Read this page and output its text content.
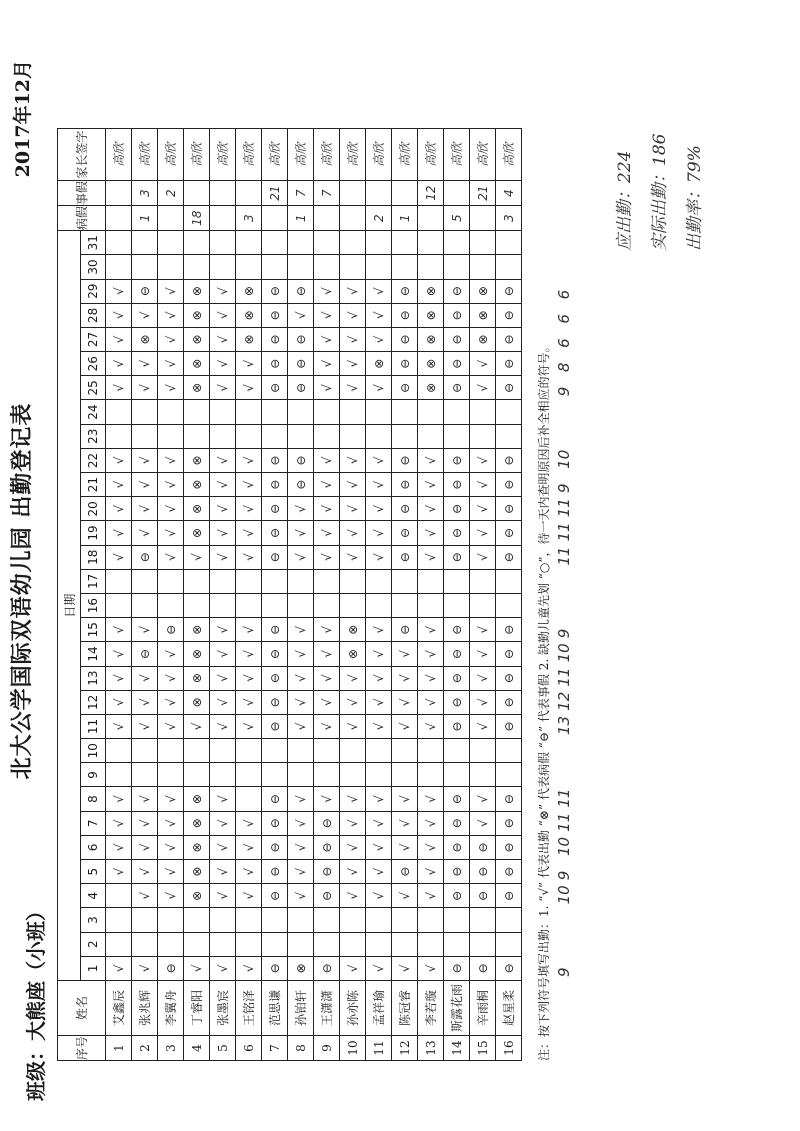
班级：大熊座（小班）
北大公学国际双语幼儿园 出勤登记表
2017年12月
序号	姓名	日期																															病假	事假	家长签字
		1	2	3	4	5	6	7	8	9	10	11	12	13	14	15	16	17	18	19	20	21	22	23	24	25	26	27	28	29	30	31			
1	艾鑫辰	√				√	√	√	√			√	√	√	√	√			√	√	√	√	√			√	√	√	√	√					高欣
2	张兆辉	√			√	√	√	√	√			√	√	√	⊖	√			⊖	√	√	√	√			√	√	⊗	√	⊖			1	3	高欣
3	李翼舟	⊖			√	√	√	√	√			√	√	√	√	⊖			√	√	√	√	√			√	√	√	√	√				2	高欣
4	丁睿阳	√			⊗	⊗	⊗	⊗	⊗			√	⊗	⊗	⊗	⊗			√	⊗	⊗	⊗	⊗			⊗	⊗	⊗	⊗	⊗			18		高欣
5	张墨宸	√			√	√	√	√	√			√	√	√	√	√			√	√	√	√	√			√	√	√	√	√					高欣
6	王铭泽	√			√	√	√	√				√	√	√	√	√			√	√	√	√	√			√	√	⊗	⊗	⊗			3		高欣
7	范思谦	⊖			⊖	⊖	⊖	⊖	⊖			⊖	⊖	⊖	⊖	⊖			⊖	⊖	⊖	⊖	⊖			⊖	⊖	⊖	⊖	⊖				21	高欣
8	孙铂轩	⊗			√	√	√	√	√			√	√	√	√	√			√	√	√	⊖	⊖			⊖	⊖	⊖	√	⊖			1	7	高欣
9	王潇潇	⊖			⊖	⊖	⊖	⊖	√			√	√	√	√	√			√	√	√	√	√			√	√	√	√	√				7	高欣
10	孙亦陈	√			√	√	√	√	√			√	√	√	⊗	⊗			√	√	√	√	√			√	√	√	√	√					高欣
11	孟祥瑜	√			√	√	√	√	√			√	√	√	√	√			√	√	√	√	√			√	⊗	√	√	√			2		高欣
12	陈冠睿	√			√	⊖	√	√	√			√	√	√	√	⊖			⊖	⊖	⊖	⊖	⊖			⊖	⊖	⊖	⊖	⊖			1		高欣
13	李若璇	√			√	√	√	√	√			√	√	√	√	√			√	√	√	√	√			⊗	⊗	⊗	⊗	⊗				12	高欣
14	斯露花雨	⊖			⊖	⊖	⊖	⊖	⊖			⊖	⊖	⊖	⊖	⊖			⊖	⊖	⊖	⊖	⊖			⊖	⊖	⊖	⊖	⊖			5		高欣
15	辛雨桐	⊖			⊖	⊖	⊖	√	√			√	√	√	√	√			√	√	√	√	√			√	√	⊗	⊗	⊗				21	高欣
16	赵星柔	⊖			⊖	⊖	⊖	⊖	⊖			⊖	⊖	⊖	⊖	⊖			⊖	⊖	⊖	⊖	⊖			⊖	⊖	⊖	⊖	⊖			3	4	高欣
注：按下列符号填写出勤：1. “√” 代表出勤 “⊗” 代表病假 “⊖” 代表事假 2. 缺勤儿童先划 “○”，待一天内查明原因后补全相应的符号。 9
10
9
10
11
11
13
12
11
10
9
11
11
11
9
10
9
8
6
6
6
应出勤：224 实际出勤：186 出勤率：79%
